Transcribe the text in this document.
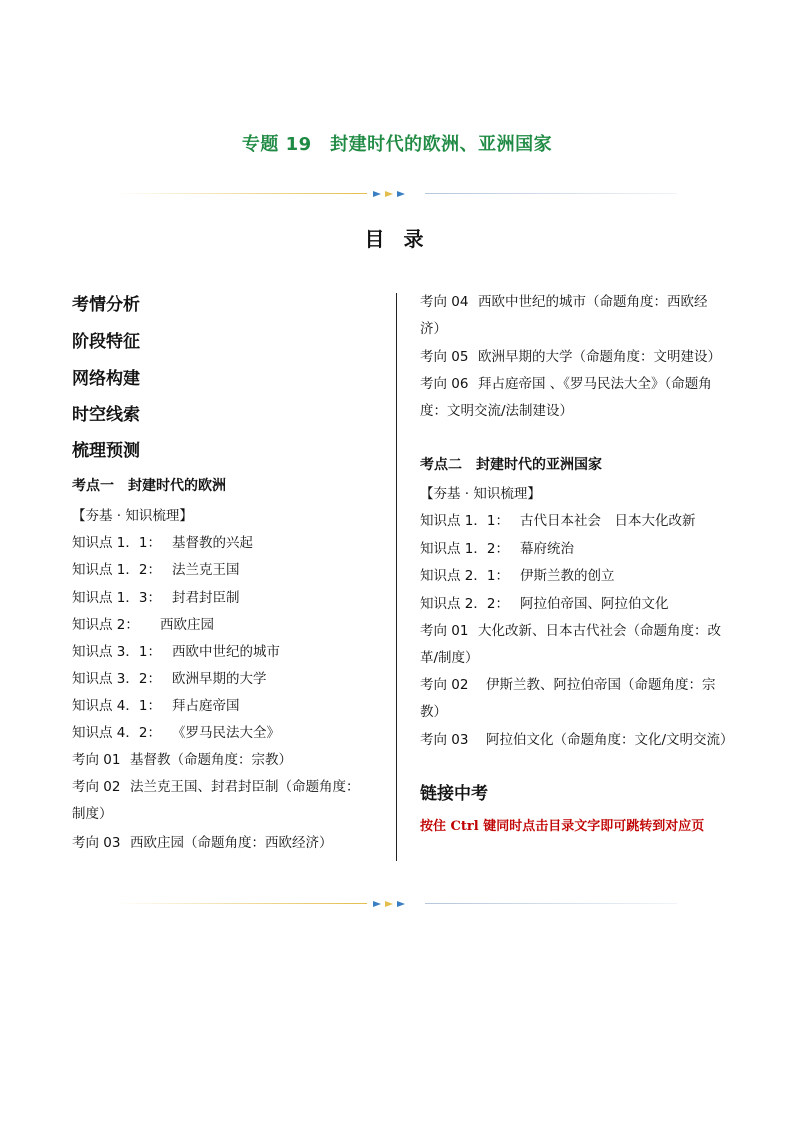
专题 19　封建时代的欧洲、亚洲国家
目 录
考情分析
阶段特征
网络构建
时空线索
梳理预测
考点一　封建时代的欧洲
【夯基 · 知识梳理】
知识点 1．1： 基督教的兴起
知识点 1．2： 法兰克王国
知识点 1．3： 封君封臣制
知识点 2： 西欧庄园
知识点 3．1： 西欧中世纪的城市
知识点 3．2： 欧洲早期的大学
知识点 4．1： 拜占庭帝国
知识点 4．2： 《罗马民法大全》
考向 01 基督教（命题角度：宗教）
考向 02 法兰克王国、封君封臣制（命题角度：制度）
考向 03 西欧庄园（命题角度：西欧经济）
考向 04 西欧中世纪的城市（命题角度：西欧经济）
考向 05 欧洲早期的大学（命题角度：文明建设）
考向 06 拜占庭帝国 、《罗马民法大全》（命题角度：文明交流/法制建设）
考点二　封建时代的亚洲国家
【夯基 · 知识梳理】
知识点 1．1： 古代日本社会　日本大化改新
知识点 1．2： 幕府统治
知识点 2．1： 伊斯兰教的创立
知识点 2．2： 阿拉伯帝国、阿拉伯文化
考向 01 大化改新、日本古代社会（命题角度：改革/制度）
考向 02 伊斯兰教、阿拉伯帝国（命题角度：宗教）
考向 03 阿拉伯文化（命题角度：文化/文明交流）
链接中考
按住 Ctrl 键同时点击目录文字即可跳转到对应页
